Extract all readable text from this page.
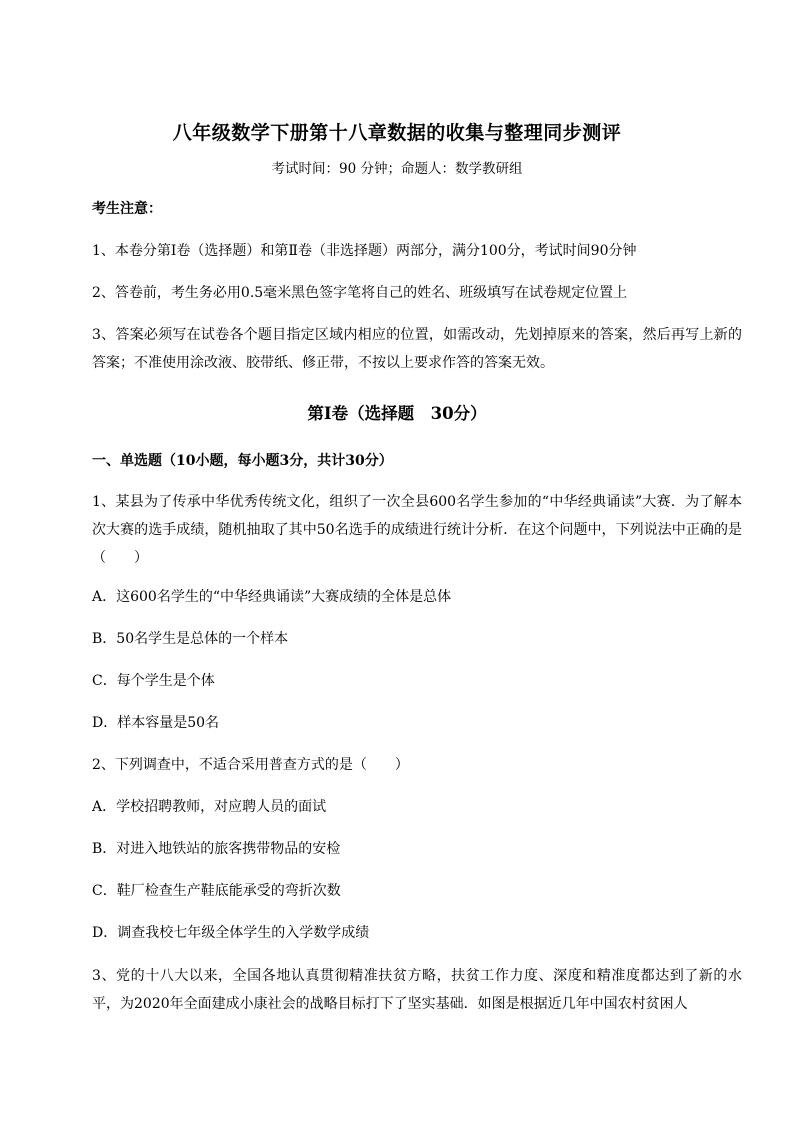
八年级数学下册第十八章数据的收集与整理同步测评
考试时间：90 分钟；命题人：数学教研组
考生注意：
1、本卷分第Ⅰ卷（选择题）和第Ⅱ卷（非选择题）两部分，满分100分，考试时间90分钟
2、答卷前，考生务必用0.5毫米黑色签字笔将自己的姓名、班级填写在试卷规定位置上
3、答案必须写在试卷各个题目指定区域内相应的位置，如需改动，先划掉原来的答案，然后再写上新的答案；不准使用涂改液、胶带纸、修正带，不按以上要求作答的答案无效。
第Ⅰ卷（选择题　30分）
一、单选题（10小题，每小题3分，共计30分）
1、某县为了传承中华优秀传统文化，组织了一次全县600名学生参加的“中华经典诵读”大赛．为了解本次大赛的选手成绩，随机抽取了其中50名选手的成绩进行统计分析．在这个问题中，下列说法中正确的是（　　）
A．这600名学生的“中华经典诵读”大赛成绩的全体是总体
B．50名学生是总体的一个样本
C．每个学生是个体
D．样本容量是50名
2、下列调查中，不适合采用普查方式的是（　　）
A．学校招聘教师，对应聘人员的面试
B．对进入地铁站的旅客携带物品的安检
C．鞋厂检查生产鞋底能承受的弯折次数
D．调查我校七年级全体学生的入学数学成绩
3、党的十八大以来，全国各地认真贯彻精准扶贫方略，扶贫工作力度、深度和精准度都达到了新的水平，为2020年全面建成小康社会的战略目标打下了坚实基础．如图是根据近几年中国农村贫困人
